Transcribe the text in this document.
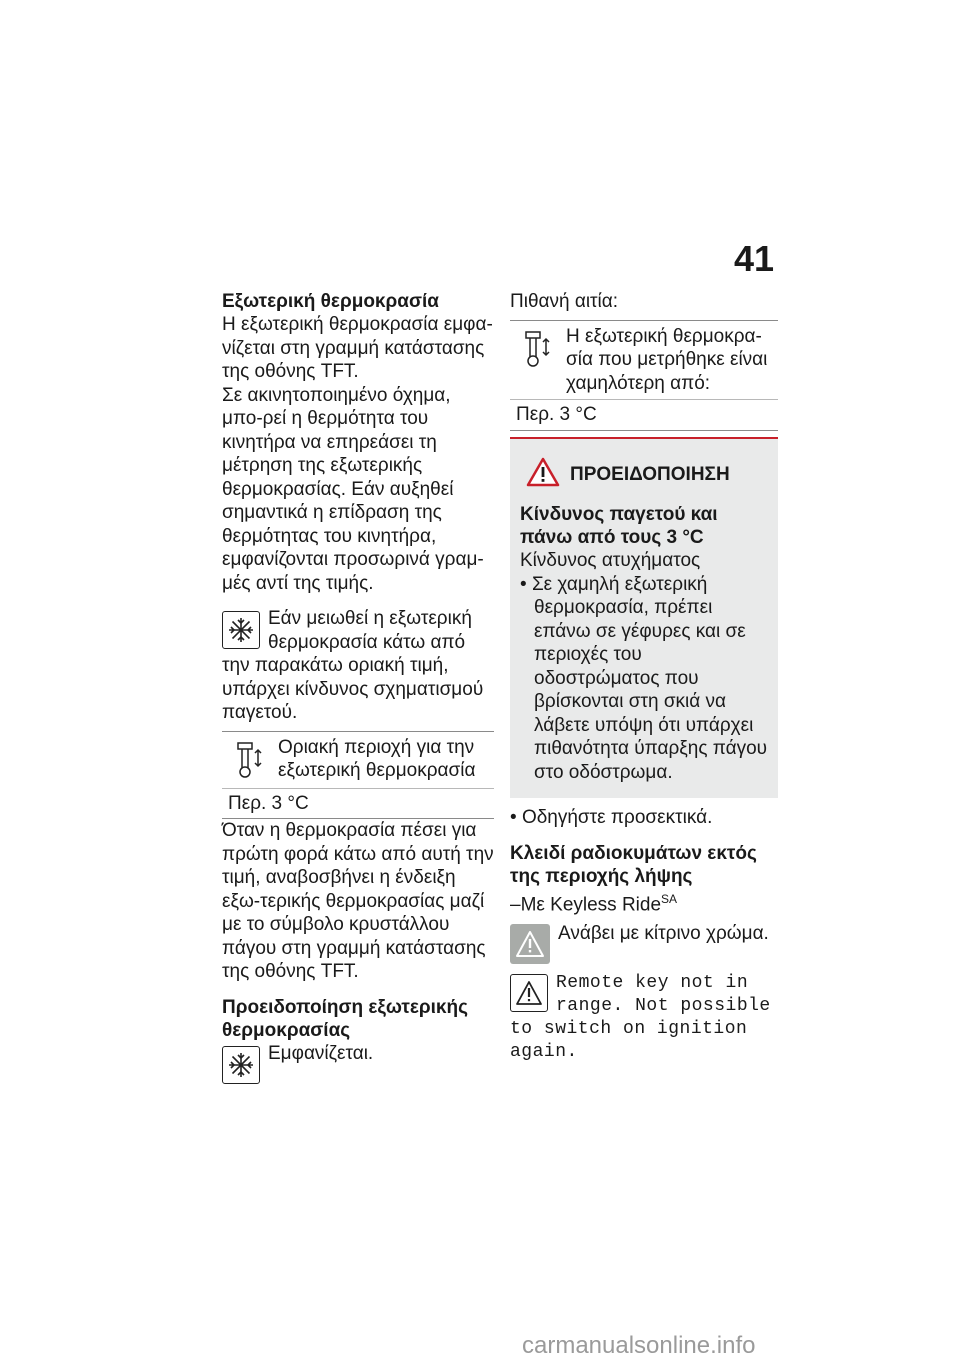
41
Εξωτερική θερμοκρασία

Η εξωτερική θερμοκρασία εμφα-νίζεται στη γραμμή κατάστασης της οθόνης TFT.

Σε ακινητοποιημένο όχημα, μπο-ρεί η θερμότητα του κινητήρα να επηρεάσει τη μέτρηση της εξωτερικής θερμοκρασίας. Εάν αυξηθεί σημαντικά η επίδραση της θερμότητας του κινητήρα, εμφανίζονται προσωρινά γραμ-μές αντί της τιμής.

Εάν μειωθεί η εξωτερική θερμοκρασία κάτω από την παρακάτω οριακή τιμή, υπάρχει κίνδυνος σχηματισμού παγετού.

Οριακή περιοχή για την εξωτερική θερμοκρασία
Περ. 3 °C

Όταν η θερμοκρασία πέσει για πρώτη φορά κάτω από αυτή την τιμή, αναβοσβήνει η ένδειξη εξω-τερικής θερμοκρασίας μαζί με το σύμβολο κρυστάλλου πάγου στη γραμμή κατάστασης της οθόνης TFT.

Προειδοποίηση εξωτερικής θερμοκρασίας

Εμφανίζεται.

Πιθανή αιτία:

Η εξωτερική θερμοκρα-σία που μετρήθηκε είναι χαμηλότερη από:
Περ. 3 °C
ΠΡΟΕΙΔΟΠΟΙΗΣΗ
Κίνδυνος παγετού και πάνω από τους 3 °C

Κίνδυνος ατυχήματος

• Σε χαμηλή εξωτερική θερμοκρασία, πρέπει επάνω σε γέφυρες και σε περιοχές του οδοστρώματος που βρίσκονται στη σκιά να λάβετε υπόψη ότι υπάρχει πιθανότητα ύπαρξης πάγου στο οδόστρωμα.
• Οδηγήστε προσεκτικά.
Κλειδί ραδιοκυμάτων εκτός της περιοχής λήψης

–Με Keyless Ride$^{SA}$

Ανάβει με κίτρινο χρώμα.

Remote key not in range. Not possible to switch on ignition again.

carmanualsonline.info
